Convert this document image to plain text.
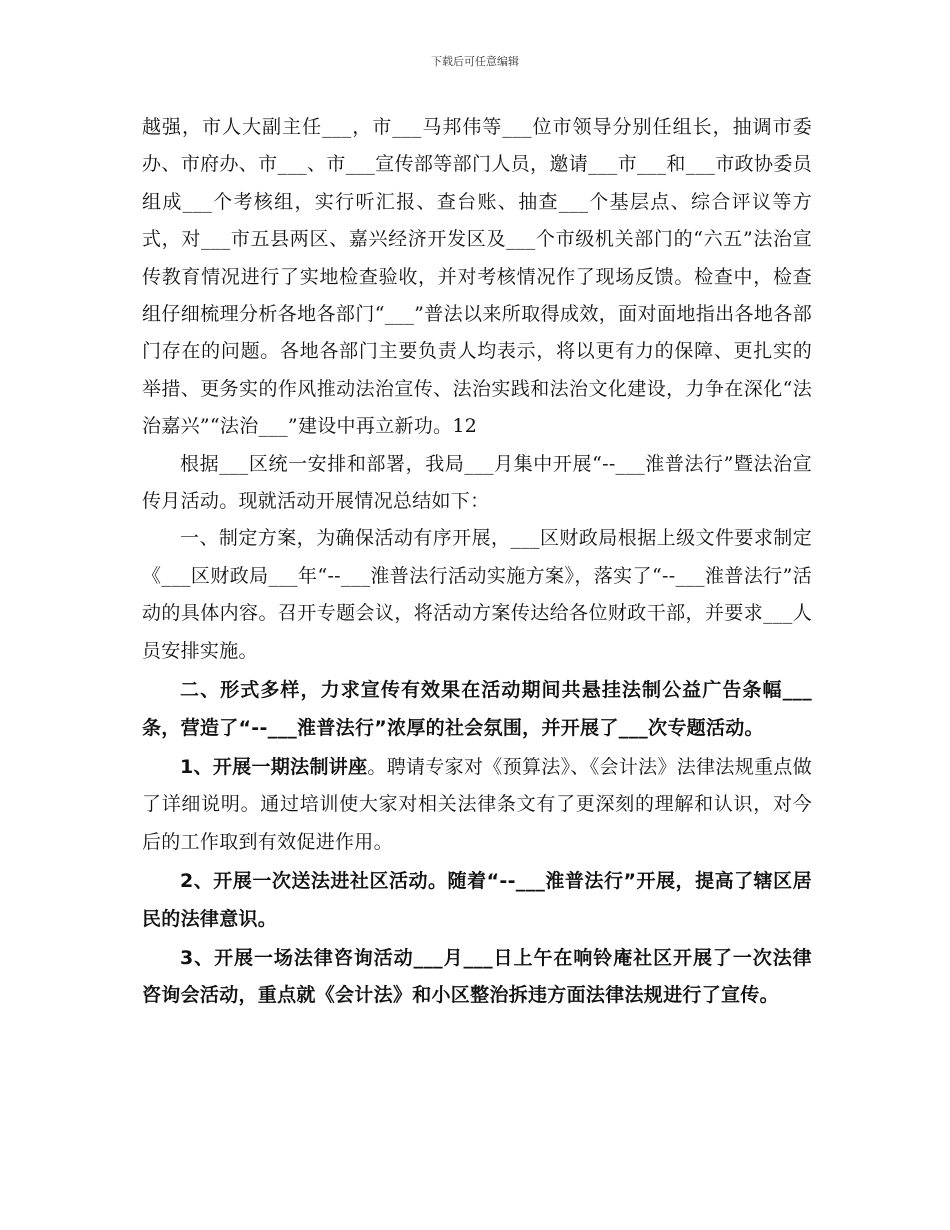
下载后可任意编辑

越强，市人大副主任___，市___马邦伟等___位市领导分别任组长，抽调市委办、市府办、市___、市___宣传部等部门人员，邀请___市___和___市政协委员组成___个考核组，实行听汇报、查台账、抽查___个基层点、综合评议等方式，对___市五县两区、嘉兴经济开发区及___个市级机关部门的“六五”法治宣传教育情况进行了实地检查验收，并对考核情况作了现场反馈。检查中，检查组仔细梳理分析各地各部门“___”普法以来所取得成效，面对面地指出各地各部门存在的问题。各地各部门主要负责人均表示，将以更有力的保障、更扎实的举措、更务实的作风推动法治宣传、法治实践和法治文化建设，力争在深化“法治嘉兴”“法治___”建设中再立新功。12

根据___区统一安排和部署，我局___月集中开展“--___淮普法行”暨法治宣传月活动。现就活动开展情况总结如下：

一、制定方案，为确保活动有序开展，___区财政局根据上级文件要求制定《___区财政局___年“--___淮普法行活动实施方案》，落实了“--___淮普法行”活动的具体内容。召开专题会议，将活动方案传达给各位财政干部，并要求___人员安排实施。

二、形式多样，力求宣传有效果在活动期间共悬挂法制公益广告条幅___条，营造了“--___淮普法行”浓厚的社会氛围，并开展了___次专题活动。

1、开展一期法制讲座。聘请专家对《预算法》、《会计法》法律法规重点做了详细说明。通过培训使大家对相关法律条文有了更深刻的理解和认识，对今后的工作取到有效促进作用。

2、开展一次送法进社区活动。随着“--___淮普法行”开展，提高了辖区居民的法律意识。

3、开展一场法律咨询活动___月___日上午在响铃庵社区开展了一次法律咨询会活动，重点就《会计法》和小区整治拆违方面法律法规进行了宣传。
